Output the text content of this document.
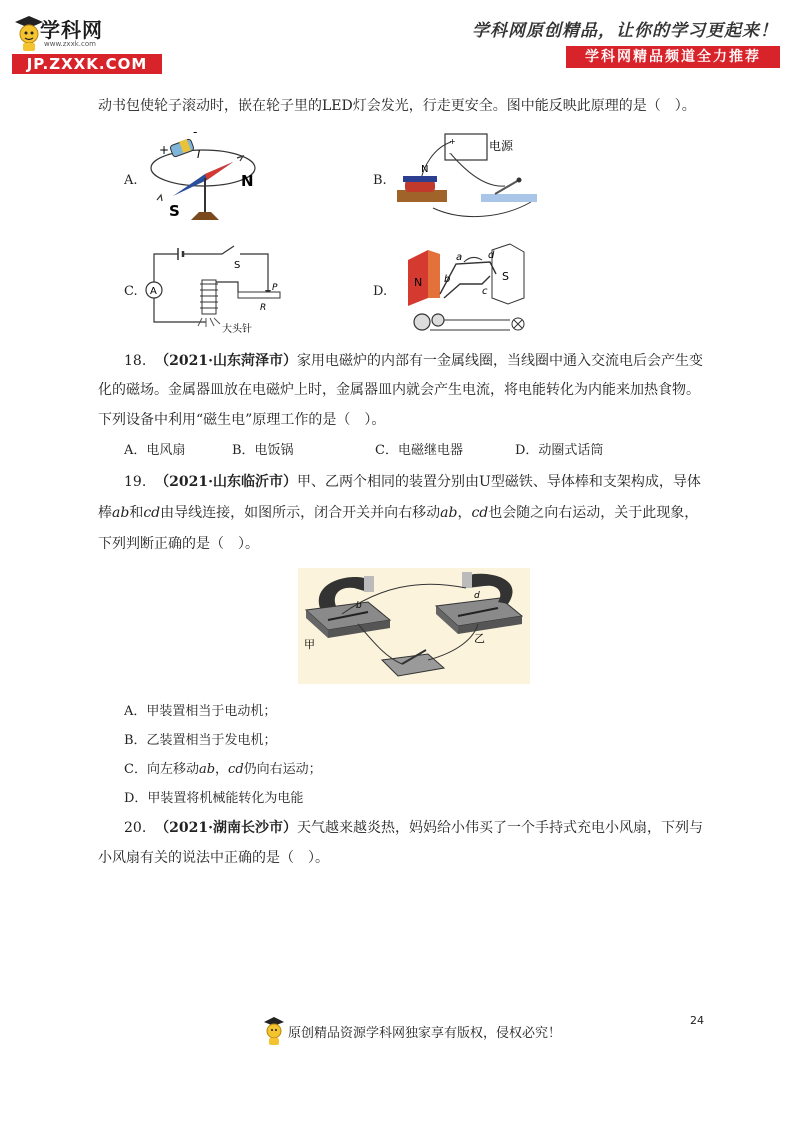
学科网
www.zxxk.com
JP.ZXXK.COM
学科网原创精品，让你的学习更起来！
学科网精品频道全力推荐
动书包使轮子滚动时，嵌在轮子里的LED灯会发光，行走更安全。图中能反映此原理的是（　）。
A.
+
-
I
N
S
B.
+
-
电源
N
C.
S
A	P
R
大头针
D.
N	S
a
b
c
d
18. （2021·山东菏泽市）家用电磁炉的内部有一金属线圈，当线圈中通入交流电后会产生变
化的磁场。金属器皿放在电磁炉上时，金属器皿内就会产生电流，将电能转化为内能来加热食物。
下列设备中利用“磁生电”原理工作的是（　）。
A．电风扇	B．电饭锅	C．电磁继电器	D．动圈式话筒
19. （2021·山东临沂市）甲、乙两个相同的装置分别由U型磁铁、导体棒和支架构成，导体
棒ab和cd由导线连接，如图所示，闭合开关并向右移动ab，cd也会随之向右运动，关于此现象，
下列判断正确的是（　）。
b
甲
d
乙
A．甲装置相当于电动机；
B．乙装置相当于发电机；
C．向左移动ab，cd仍向右运动；
D．甲装置将机械能转化为电能
20. （2021·湖南长沙市）天气越来越炎热，妈妈给小伟买了一个手持式充电小风扇，下列与
小风扇有关的说法中正确的是（　）。
24
原创精品资源学科网独家享有版权，侵权必究！
